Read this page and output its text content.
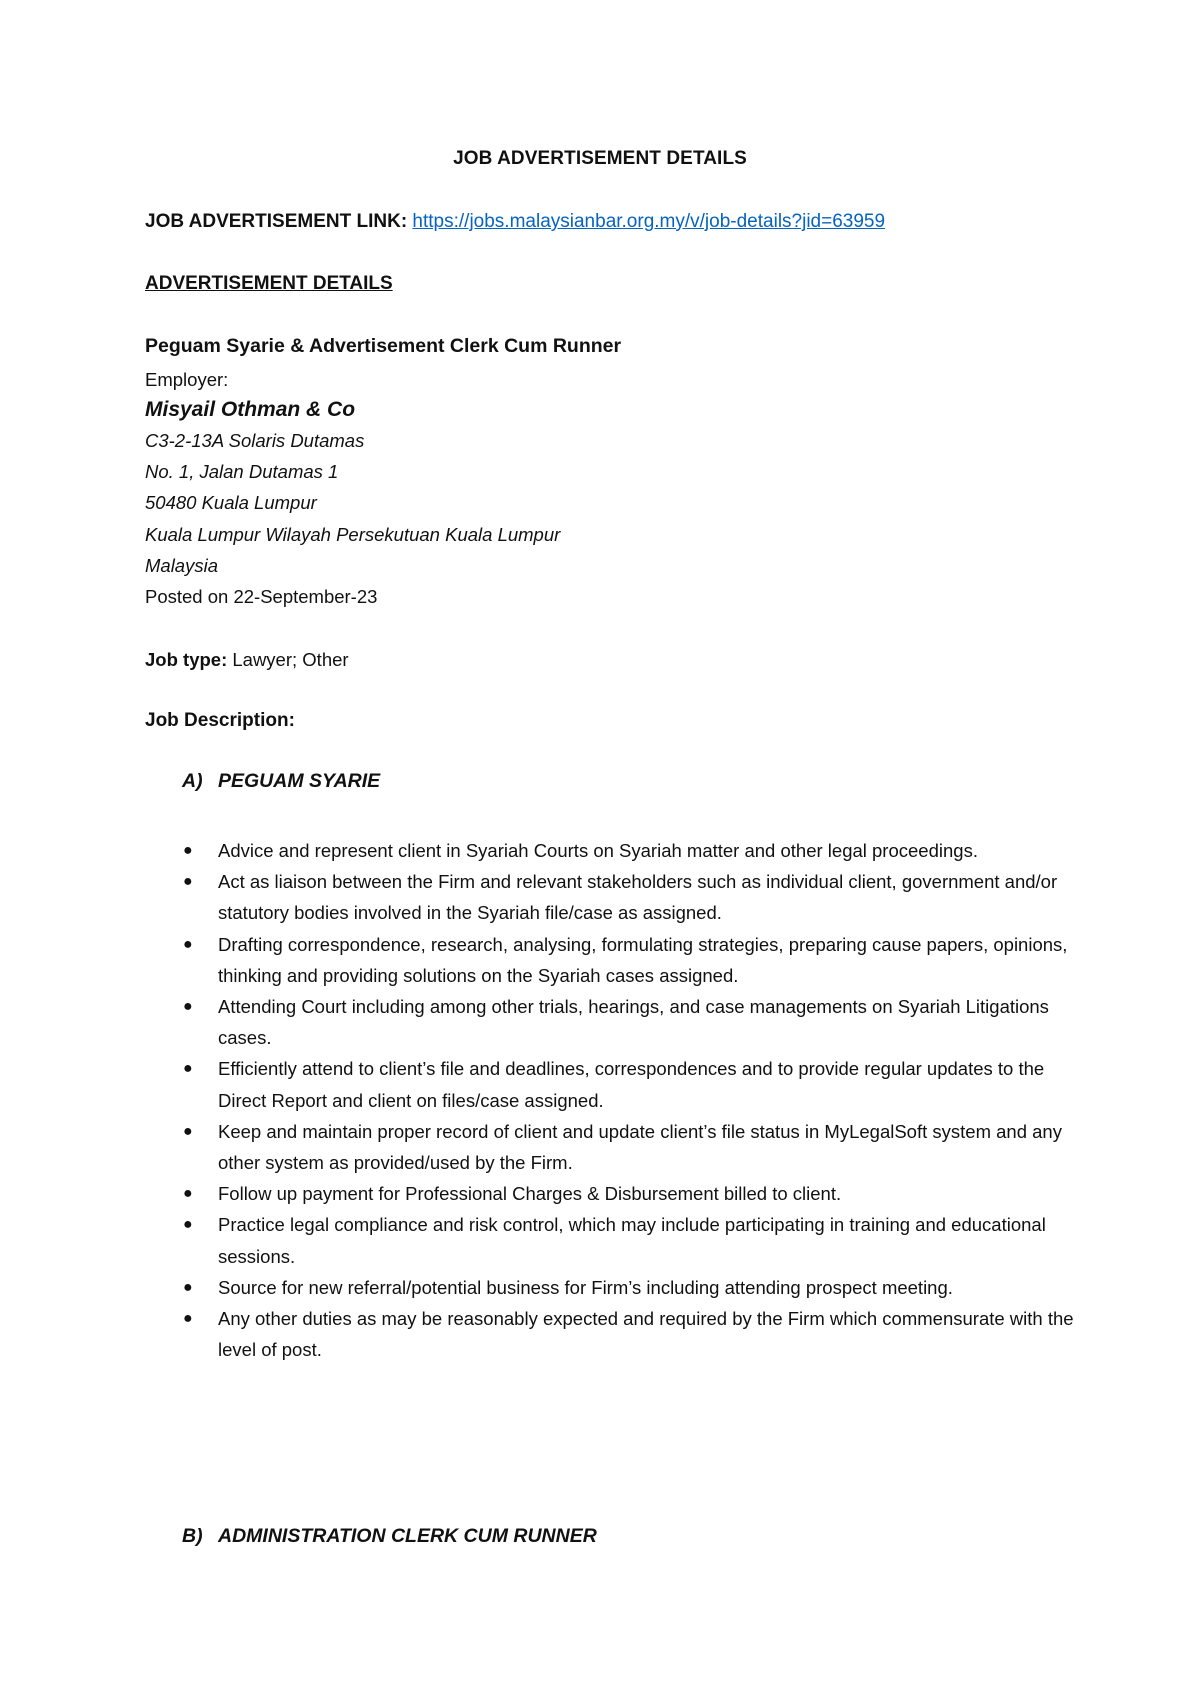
JOB ADVERTISEMENT DETAILS
JOB ADVERTISEMENT LINK: https://jobs.malaysianbar.org.my/v/job-details?jid=63959
ADVERTISEMENT DETAILS
Peguam Syarie & Advertisement Clerk Cum Runner
Employer:
Misyail Othman & Co
C3-2-13A Solaris Dutamas
No. 1, Jalan Dutamas 1
50480 Kuala Lumpur
Kuala Lumpur Wilayah Persekutuan Kuala Lumpur
Malaysia
Posted on 22-September-23
Job type: Lawyer; Other
Job Description:
A) PEGUAM SYARIE
● Advice and represent client in Syariah Courts on Syariah matter and other legal proceedings.
● Act as liaison between the Firm and relevant stakeholders such as individual client, government and/or statutory bodies involved in the Syariah file/case as assigned.
● Drafting correspondence, research, analysing, formulating strategies, preparing cause papers, opinions, thinking and providing solutions on the Syariah cases assigned.
● Attending Court including among other trials, hearings, and case managements on Syariah Litigations cases.
● Efficiently attend to client’s file and deadlines, correspondences and to provide regular updates to the Direct Report and client on files/case assigned.
● Keep and maintain proper record of client and update client’s file status in MyLegalSoft system and any other system as provided/used by the Firm.
● Follow up payment for Professional Charges & Disbursement billed to client.
● Practice legal compliance and risk control, which may include participating in training and educational sessions.
● Source for new referral/potential business for Firm’s including attending prospect meeting.
● Any other duties as may be reasonably expected and required by the Firm which commensurate with the level of post.
B) ADMINISTRATION CLERK CUM RUNNER
